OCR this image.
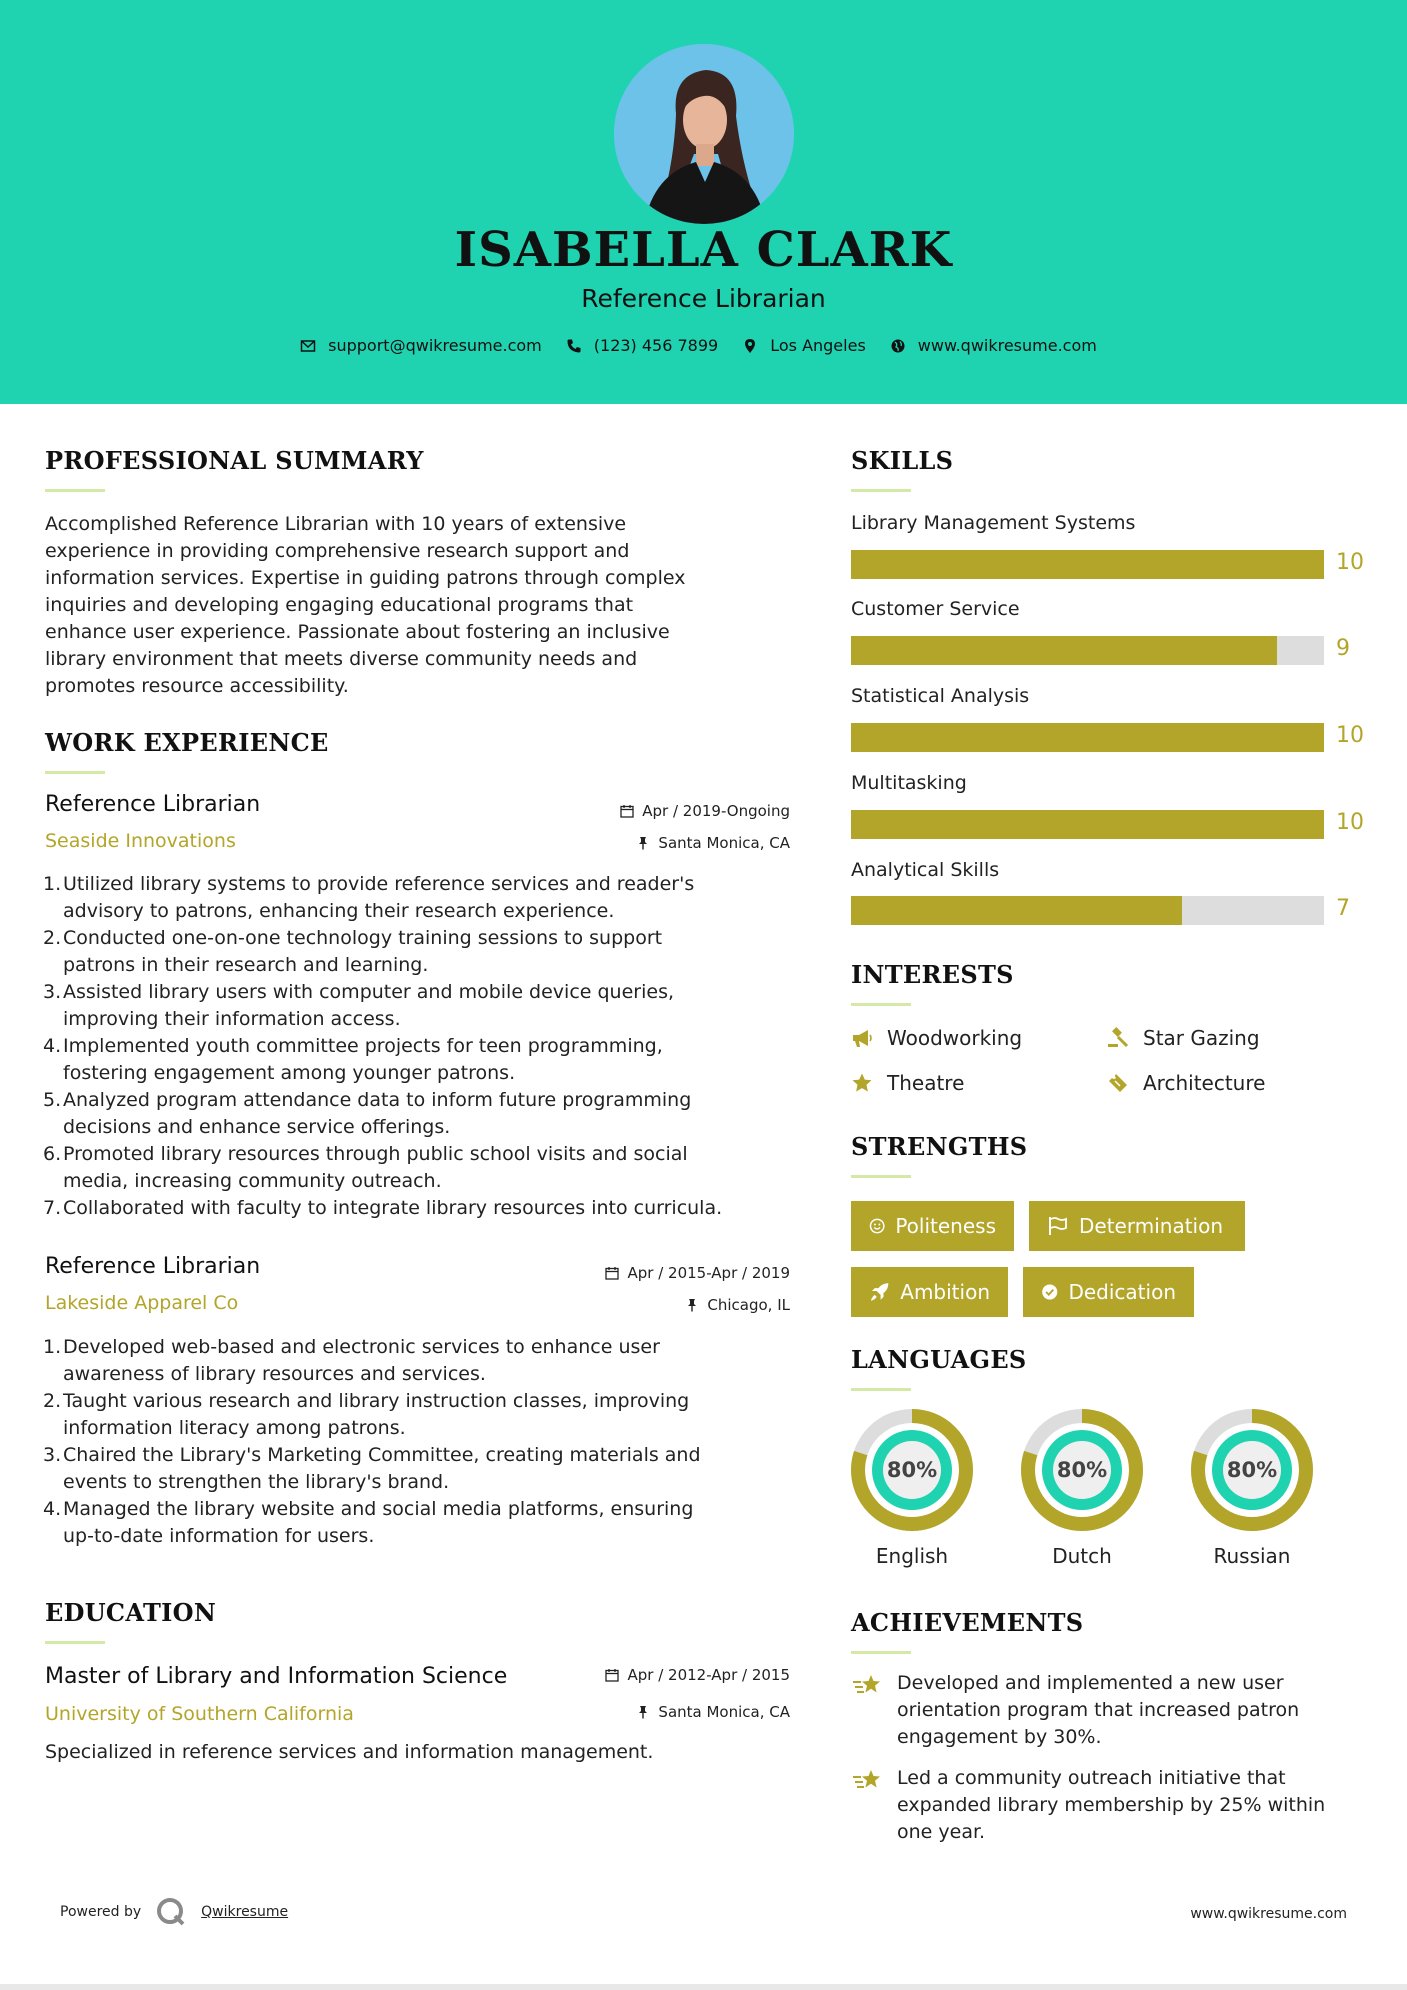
ISABELLA CLARK
Reference Librarian
support@qwikresume.com	(123) 456 7899	Los Angeles	www.qwikresume.com
PROFESSIONAL SUMMARY
Accomplished Reference Librarian with 10 years of extensive
experience in providing comprehensive research support and
information services. Expertise in guiding patrons through complex
inquiries and developing engaging educational programs that
enhance user experience. Passionate about fostering an inclusive
library environment that meets diverse community needs and
promotes resource accessibility.
WORK EXPERIENCE
Reference Librarian
Seaside Innovations
Apr / 2019-Ongoing
Santa Monica, CA
1. Utilized library systems to provide reference services and reader's
advisory to patrons, enhancing their research experience.
2. Conducted one-on-one technology training sessions to support
patrons in their research and learning.
3. Assisted library users with computer and mobile device queries,
improving their information access.
4. Implemented youth committee projects for teen programming,
fostering engagement among younger patrons.
5. Analyzed program attendance data to inform future programming
decisions and enhance service offerings.
6. Promoted library resources through public school visits and social
media, increasing community outreach.
7. Collaborated with faculty to integrate library resources into curricula.
Reference Librarian
Lakeside Apparel Co
Apr / 2015-Apr / 2019
Chicago, IL
1. Developed web-based and electronic services to enhance user
awareness of library resources and services.
2. Taught various research and library instruction classes, improving
information literacy among patrons.
3. Chaired the Library's Marketing Committee, creating materials and
events to strengthen the library's brand.
4. Managed the library website and social media platforms, ensuring
up-to-date information for users.
EDUCATION
Master of Library and Information Science
University of Southern California
Apr / 2012-Apr / 2015
Santa Monica, CA
Specialized in reference services and information management.
SKILLS
Library Management Systems
10
Customer Service
9
Statistical Analysis
10
Multitasking
10
Analytical Skills
7
INTERESTS
Woodworking	Star Gazing
Theatre	Architecture
STRENGTHS
Politeness	Determination
Ambition	Dedication
LANGUAGES
80%
English
80%
Dutch
80%
Russian
ACHIEVEMENTS
Developed and implemented a new user
orientation program that increased patron
engagement by 30%.
Led a community outreach initiative that
expanded library membership by 25% within
one year.
Powered by	Qwikresume	www.qwikresume.com
